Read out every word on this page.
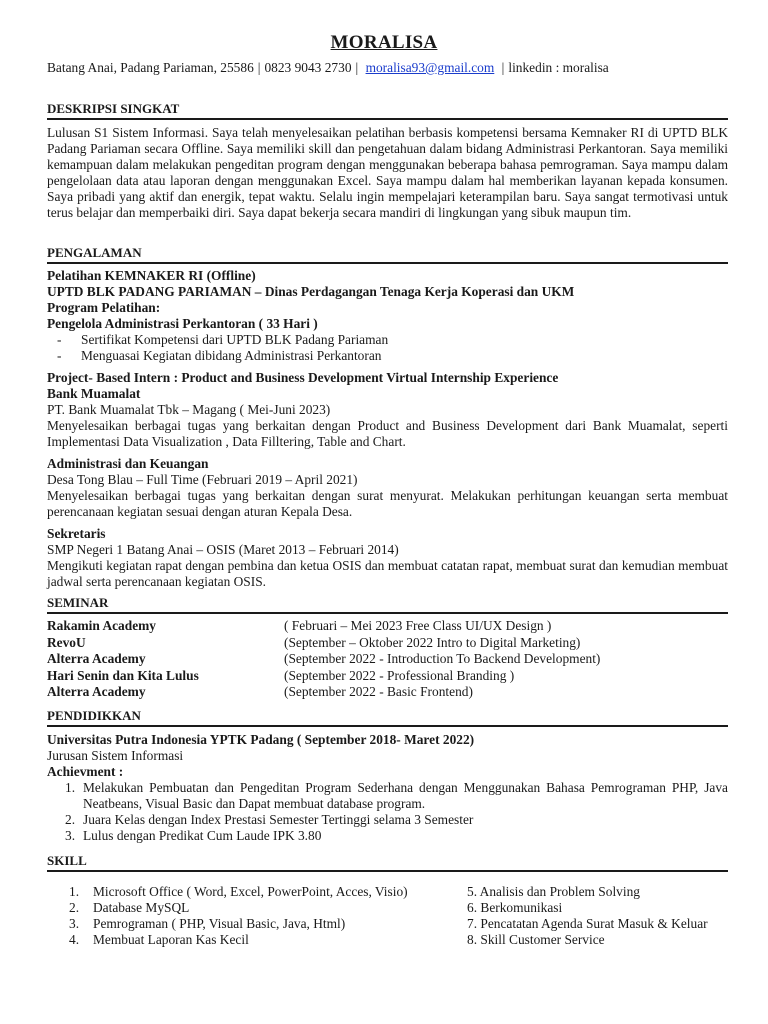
MORALISA
Batang Anai, Padang Pariaman, 25586 | 0823 9043 2730 | moralisa93@gmail.com | linkedin : moralisa
DESKRIPSI SINGKAT
Lulusan S1 Sistem Informasi. Saya telah menyelesaikan pelatihan berbasis kompetensi bersama Kemnaker RI di UPTD BLK Padang Pariaman secara Offline. Saya memiliki skill dan pengetahuan dalam bidang Administrasi Perkantoran. Saya memiliki kemampuan dalam melakukan pengeditan program dengan menggunakan beberapa bahasa pemrograman. Saya mampu dalam pengelolaan data atau laporan dengan menggunakan Excel. Saya mampu dalam hal memberikan layanan kepada konsumen. Saya pribadi yang aktif dan energik, tepat waktu. Selalu ingin mempelajari keterampilan baru. Saya sangat termotivasi untuk terus belajar dan memperbaiki diri. Saya dapat bekerja secara mandiri di lingkungan yang sibuk maupun tim.
PENGALAMAN
Pelatihan KEMNAKER RI (Offline)
UPTD BLK PADANG PARIAMAN – Dinas Perdagangan Tenaga Kerja Koperasi dan UKM
Program Pelatihan:
Pengelola Administrasi Perkantoran ( 33 Hari )
- Sertifikat Kompetensi dari UPTD BLK Padang Pariaman
- Menguasai Kegiatan dibidang Administrasi Perkantoran
Project- Based Intern : Product and Business Development Virtual Internship Experience
Bank Muamalat
PT. Bank Muamalat Tbk – Magang ( Mei-Juni 2023)
Menyelesaikan berbagai tugas yang berkaitan dengan Product and Business Development dari Bank Muamalat, seperti Implementasi Data Visualization , Data Filltering, Table and Chart.
Administrasi dan Keuangan
Desa Tong Blau – Full Time (Februari 2019 – April 2021)
Menyelesaikan berbagai tugas yang berkaitan dengan surat menyurat. Melakukan perhitungan keuangan serta membuat perencanaan kegiatan sesuai dengan aturan Kepala Desa.
Sekretaris
SMP Negeri 1 Batang Anai – OSIS (Maret 2013 – Februari 2014)
Mengikuti kegiatan rapat dengan pembina dan ketua OSIS dan membuat catatan rapat, membuat surat dan kemudian membuat jadwal serta perencanaan kegiatan OSIS.
SEMINAR
Rakamin Academy	( Februari – Mei 2023 Free Class UI/UX Design )
RevoU	(September – Oktober 2022 Intro to Digital Marketing)
Alterra Academy	(September 2022 - Introduction To Backend Development)
Hari Senin dan Kita Lulus	(September 2022 - Professional Branding )
Alterra Academy	(September 2022 - Basic Frontend)
PENDIDIKKAN
Universitas Putra Indonesia YPTK Padang ( September 2018- Maret 2022)
Jurusan Sistem Informasi
Achievment :
1. Melakukan Pembuatan dan Pengeditan Program Sederhana dengan Menggunakan Bahasa Pemrograman PHP, Java Neatbeans, Visual Basic dan Dapat membuat database program.
2. Juara Kelas dengan Index Prestasi Semester Tertinggi selama 3 Semester
3. Lulus dengan Predikat Cum Laude IPK 3.80
SKILL
1. Microsoft Office ( Word, Excel, PowerPoint, Acces, Visio)
2. Database MySQL
3. Pemrograman ( PHP, Visual Basic, Java, Html)
4. Membuat Laporan Kas Kecil
5. Analisis dan Problem Solving
6. Berkomunikasi
7. Pencatatan Agenda Surat Masuk & Keluar
8. Skill Customer Service
